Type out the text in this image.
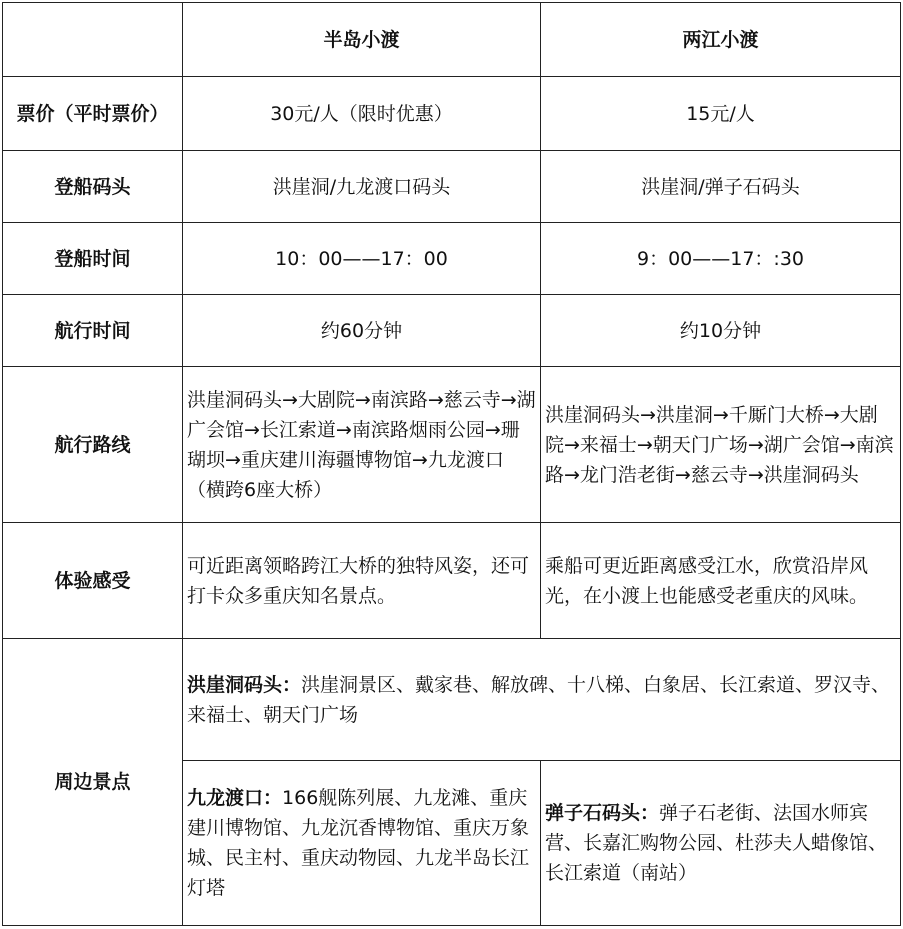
	半岛小渡	两江小渡
票价（平时票价）	30元/人（限时优惠）	15元/人
登船码头	洪崖洞/九龙渡口码头	洪崖洞/弹子石码头
登船时间	10：00——17：00	9：00——17：:30
航行时间	约60分钟	约10分钟
航行路线	洪崖洞码头→大剧院→南滨路→慈云寺→湖广会馆→长江索道→南滨路烟雨公园→珊瑚坝→重庆建川海疆博物馆→九龙渡口（横跨6座大桥）	洪崖洞码头→洪崖洞→千厮门大桥→大剧院→来福士→朝天门广场→湖广会馆→南滨路→龙门浩老街→慈云寺→洪崖洞码头
体验感受	可近距离领略跨江大桥的独特风姿，还可打卡众多重庆知名景点。	乘船可更近距离感受江水，欣赏沿岸风光，在小渡上也能感受老重庆的风味。
周边景点	洪崖洞码头：洪崖洞景区、戴家巷、解放碑、十八梯、白象居、长江索道、罗汉寺、来福士、朝天门广场	
	九龙渡口：166舰陈列展、九龙滩、重庆建川博物馆、九龙沉香博物馆、重庆万象城、民主村、重庆动物园、九龙半岛长江灯塔	弹子石码头：弹子石老街、法国水师宾营、长嘉汇购物公园、杜莎夫人蜡像馆、长江索道（南站）
